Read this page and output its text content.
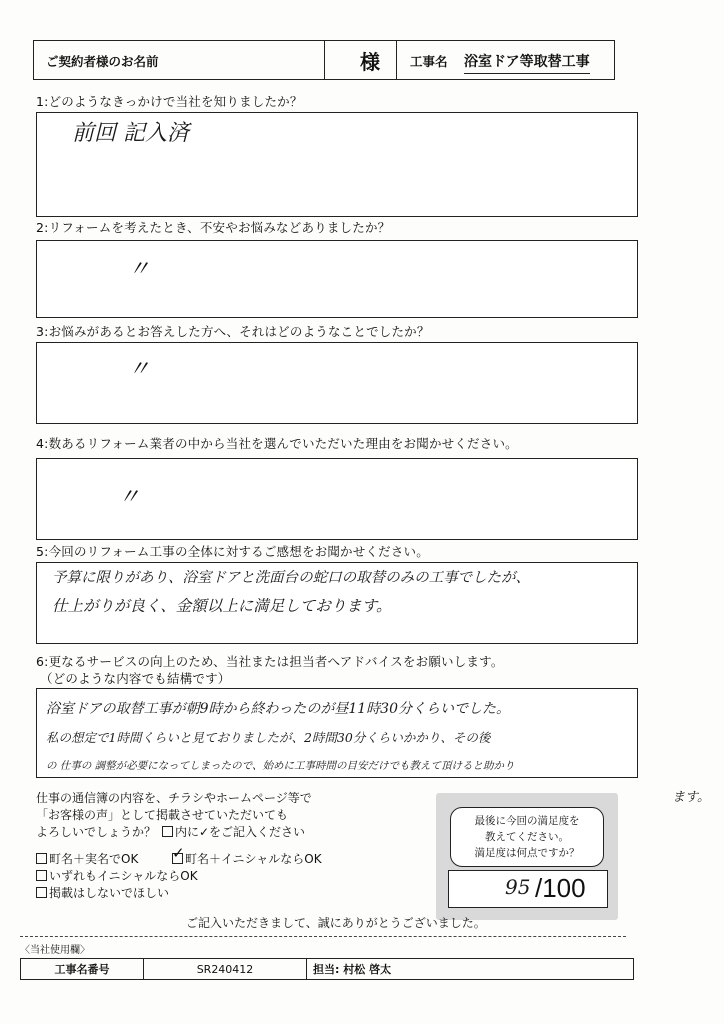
ご契約者様のお名前	様 工事名 浴室ドア等取替工事
1:どのようなきっかけで当社を知りましたか？
前回 記入済
2:リフォームを考えたとき、不安やお悩みなどありましたか？
〃
3:お悩みがあるとお答えした方へ、それはどのようなことでしたか？
〃
4:数あるリフォーム業者の中から当社を選んでいただいた理由をお聞かせください。
〃
5:今回のリフォーム工事の全体に対するご感想をお聞かせください。
予算に限りがあり、浴室ドアと洗面台の蛇口の取替のみの工事でしたが、
仕上がりが良く、金額以上に満足しております。
6:更なるサービスの向上のため、当社または担当者へアドバイスをお願いします。
（どのような内容でも結構です）
浴室ドアの取替工事が朝9時から終わったのが昼11時30分くらいでした。
私の想定で1時間くらいと見ておりましたが、2時間30分くらいかかり、その後
の 仕事の 調整が必要になってしまったので、始めに工事時間の目安だけでも教えて頂けると助かり
ます。
仕事の通信簿の内容を、チラシやホームページ等で
「お客様の声」として掲載させていただいても
よろしいでしょうか？	内に✓をご記入ください
町名＋実名でOK ✓ 町名＋イニシャルならOK
いずれもイニシャルならOK
掲載はしないでほしい
最後に今回の満足度を
教えてください。
満足度は何点ですか？
95 /100
ご記入いただきまして、誠にありがとうございました。
〈当社使用欄〉
工事名番号	SR240412	担当: 村松 啓太
